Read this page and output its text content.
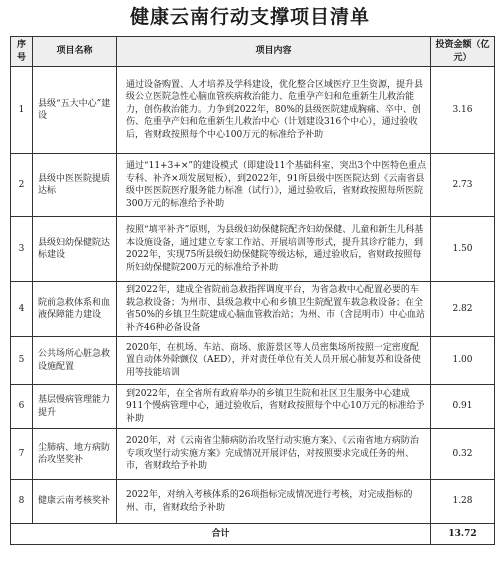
健康云南行动支撑项目清单
序号	项目名称	项目内容	投资金额（亿元）
1	县级“五大中心”建设	通过设备购置、人才培养及学科建设，优化整合区域医疗卫生资源，提升县级公立医院急性心脑血管疾病救治能力、危重孕产妇和危重新生儿救治能力，创伤救治能力。力争到2022年，80%的县级医院建成胸痛、卒中、创伤、危重孕产妇和危重新生儿救治中心（计划建设316个中心），通过验收后，省财政按照每个中心100万元的标准给予补助	3.16
2	县级中医医院提质达标	通过“11+3+×”的建设模式（即建设11个基础科室、突出3个中医特色重点专科、补齐×项发展短板），到2022年，91所县级中医医院达到《云南省县级中医医院医疗服务能力标准（试行）》，通过验收后，省财政按照每所医院300万元的标准给予补助	2.73
3	县级妇幼保健院达标建设	按照“填平补齐”原则，为县级妇幼保健院配齐妇幼保健、儿童和新生儿科基本设施设备，通过建立专家工作站、开展培训等形式，提升其诊疗能力，到2022年，实现75所县级妇幼保健院等级达标，通过验收后，省财政按照每所妇幼保健院200万元的标准给予补助	1.50
4	院前急救体系和血液保障能力建设	到2022年，建成全省院前急救指挥调度平台，为省急救中心配置必要的车载急救设备；为州市、县级急救中心和乡镇卫生院配置车载急救设备；在全省50%的乡镇卫生院建成心脑血管救治站；为州、市（含昆明市）中心血站补齐46种必备设备	2.82
5	公共场所心脏急救设施配置	2020年，在机场、车站、商场、旅游景区等人员密集场所按照一定密度配置自动体外除颤仪（AED），并对责任单位有关人员开展心肺复苏和设备使用等技能培训	1.00
6	基层慢病管理能力提升	到2022年，在全省所有政府举办的乡镇卫生院和社区卫生服务中心建成911个慢病管理中心，通过验收后，省财政按照每个中心10万元的标准给予补助	0.91
7	尘肺病、地方病防治攻坚奖补	2020年，对《云南省尘肺病防治攻坚行动实施方案》、《云南省地方病防治专项攻坚行动实施方案》完成情况开展评估，对按照要求完成任务的州、市，省财政给予补助	0.32
8	健康云南考核奖补	2022年，对纳入考核体系的26项指标完成情况进行考核，对完成指标的州、市，省财政给予补助	1.28
合计			13.72
